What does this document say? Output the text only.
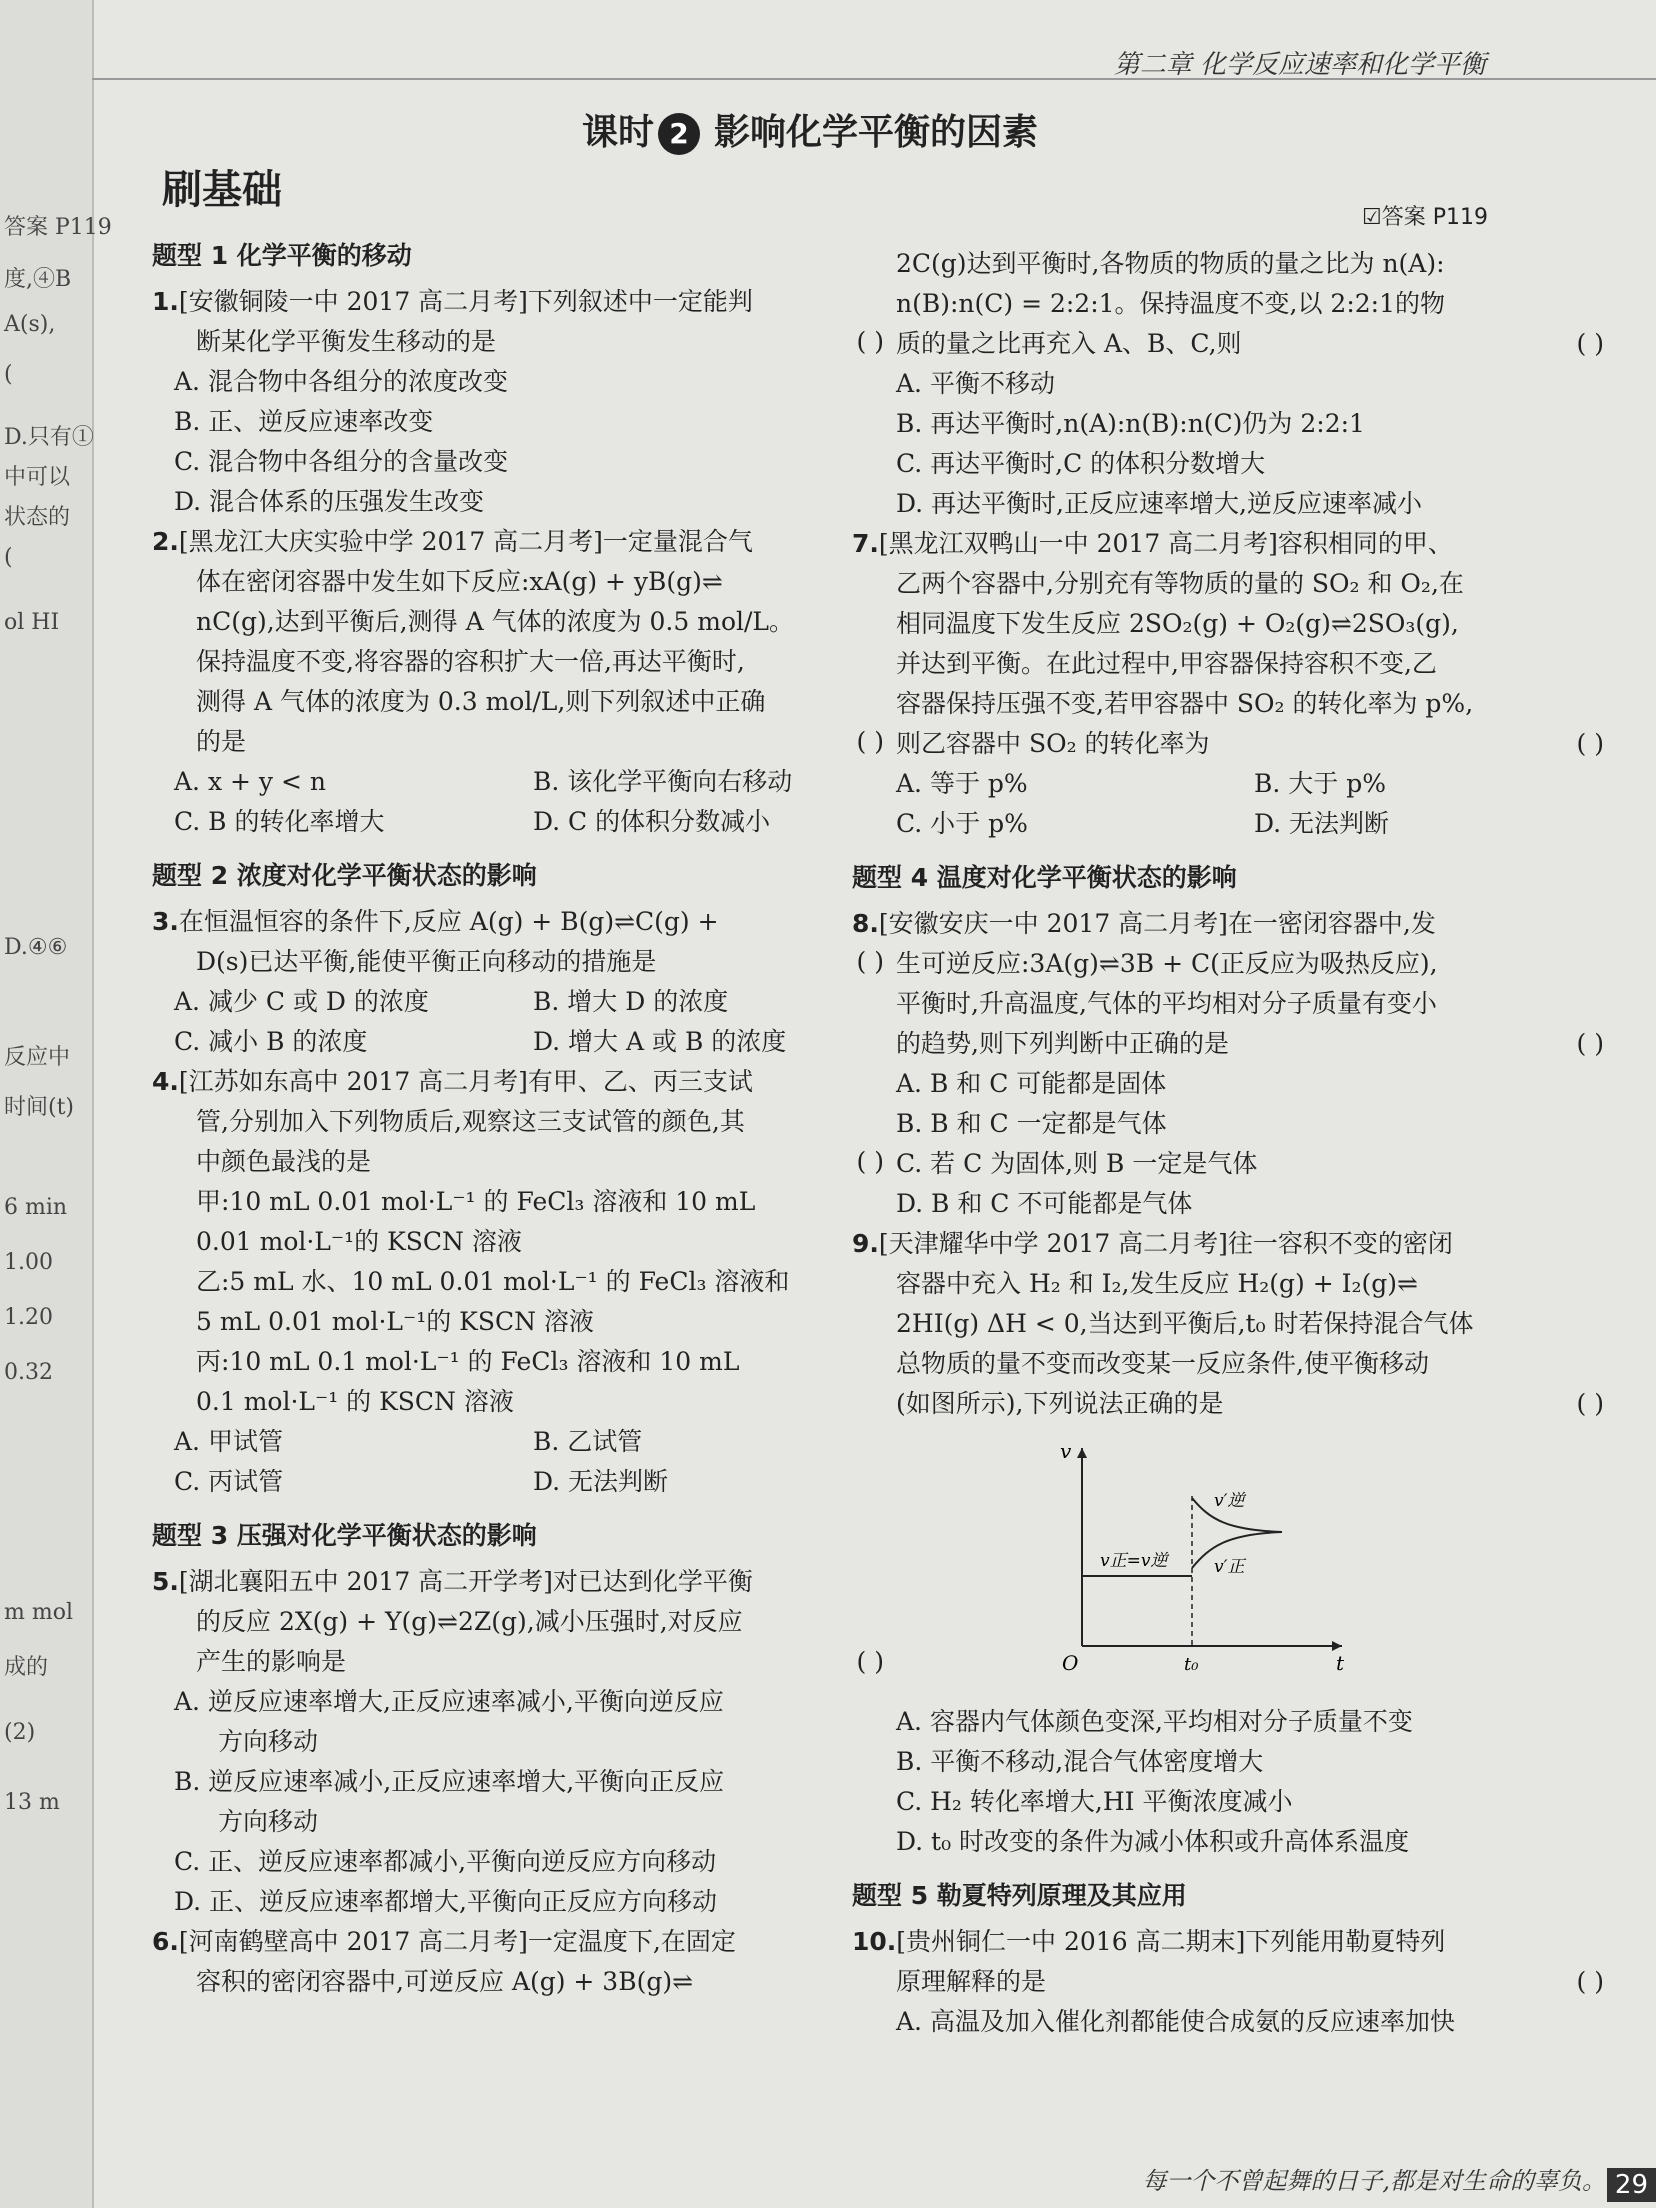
答案 P119
度,④B
A(s),
(
D.只有①
中可以
状态的
(
ol HI
D.④⑥
反应中
时间(t)
6 min
1.00
1.20
0.32
m mol
成的
(2)
13 m
第二章 化学反应速率和化学平衡
课时 2 影响化学平衡的因素
刷基础
☑答案 P119
题型 1 化学平衡的移动
1.[安徽铜陵一中 2017 高二月考]下列叙述中一定能判
断某化学平衡发生移动的是	( )
A. 混合物中各组分的浓度改变
B. 正、逆反应速率改变
C. 混合物中各组分的含量改变
D. 混合体系的压强发生改变
2.[黑龙江大庆实验中学 2017 高二月考]一定量混合气
体在密闭容器中发生如下反应:xA(g) + yB(g)⇌
nC(g),达到平衡后,测得 A 气体的浓度为 0.5 mol/L。
保持温度不变,将容器的容积扩大一倍,再达平衡时,
测得 A 气体的浓度为 0.3 mol/L,则下列叙述中正确
的是	( )
A. x + y < n	B. 该化学平衡向右移动
C. B 的转化率增大	D. C 的体积分数减小
题型 2 浓度对化学平衡状态的影响
3.在恒温恒容的条件下,反应 A(g) + B(g)⇌C(g) +
D(s)已达平衡,能使平衡正向移动的措施是	( )
A. 减少 C 或 D 的浓度	B. 增大 D 的浓度
C. 减小 B 的浓度	D. 增大 A 或 B 的浓度
4.[江苏如东高中 2017 高二月考]有甲、乙、丙三支试
管,分别加入下列物质后,观察这三支试管的颜色,其
中颜色最浅的是	( )
甲:10 mL 0.01 mol·L⁻¹ 的 FeCl₃ 溶液和 10 mL
0.01 mol·L⁻¹的 KSCN 溶液
乙:5 mL 水、10 mL 0.01 mol·L⁻¹ 的 FeCl₃ 溶液和
5 mL 0.01 mol·L⁻¹的 KSCN 溶液
丙:10 mL 0.1 mol·L⁻¹ 的 FeCl₃ 溶液和 10 mL
0.1 mol·L⁻¹ 的 KSCN 溶液
A. 甲试管	B. 乙试管
C. 丙试管	D. 无法判断
题型 3 压强对化学平衡状态的影响
5.[湖北襄阳五中 2017 高二开学考]对已达到化学平衡
的反应 2X(g) + Y(g)⇌2Z(g),减小压强时,对反应
产生的影响是	( )
A. 逆反应速率增大,正反应速率减小,平衡向逆反应
方向移动
B. 逆反应速率减小,正反应速率增大,平衡向正反应
方向移动
C. 正、逆反应速率都减小,平衡向逆反应方向移动
D. 正、逆反应速率都增大,平衡向正反应方向移动
6.[河南鹤壁高中 2017 高二月考]一定温度下,在固定
容积的密闭容器中,可逆反应 A(g) + 3B(g)⇌
2C(g)达到平衡时,各物质的物质的量之比为 n(A):
n(B):n(C) = 2:2:1。保持温度不变,以 2:2:1的物
质的量之比再充入 A、B、C,则	( )
A. 平衡不移动
B. 再达平衡时,n(A):n(B):n(C)仍为 2:2:1
C. 再达平衡时,C 的体积分数增大
D. 再达平衡时,正反应速率增大,逆反应速率减小
7.[黑龙江双鸭山一中 2017 高二月考]容积相同的甲、
乙两个容器中,分别充有等物质的量的 SO₂ 和 O₂,在
相同温度下发生反应 2SO₂(g) + O₂(g)⇌2SO₃(g),
并达到平衡。在此过程中,甲容器保持容积不变,乙
容器保持压强不变,若甲容器中 SO₂ 的转化率为 p%,
则乙容器中 SO₂ 的转化率为	( )
A. 等于 p%	B. 大于 p%
C. 小于 p%	D. 无法判断
题型 4 温度对化学平衡状态的影响
8.[安徽安庆一中 2017 高二月考]在一密闭容器中,发
生可逆反应:3A(g)⇌3B + C(正反应为吸热反应),
平衡时,升高温度,气体的平均相对分子质量有变小
的趋势,则下列判断中正确的是	( )
A. B 和 C 可能都是固体
B. B 和 C 一定都是气体
C. 若 C 为固体,则 B 一定是气体
D. B 和 C 不可能都是气体
9.[天津耀华中学 2017 高二月考]往一容积不变的密闭
容器中充入 H₂ 和 I₂,发生反应 H₂(g) + I₂(g)⇌
2HI(g) ΔH < 0,当达到平衡后,t₀ 时若保持混合气体
总物质的量不变而改变某一反应条件,使平衡移动
(如图所示),下列说法正确的是	( )
v
t
O	t₀
v正=v逆
v′逆
v′正
A. 容器内气体颜色变深,平均相对分子质量不变
B. 平衡不移动,混合气体密度增大
C. H₂ 转化率增大,HI 平衡浓度减小
D. t₀ 时改变的条件为减小体积或升高体系温度
题型 5 勒夏特列原理及其应用
10.[贵州铜仁一中 2016 高二期末]下列能用勒夏特列
原理解释的是	( )
A. 高温及加入催化剂都能使合成氨的反应速率加快
每一个不曾起舞的日子,都是对生命的辜负。 29
